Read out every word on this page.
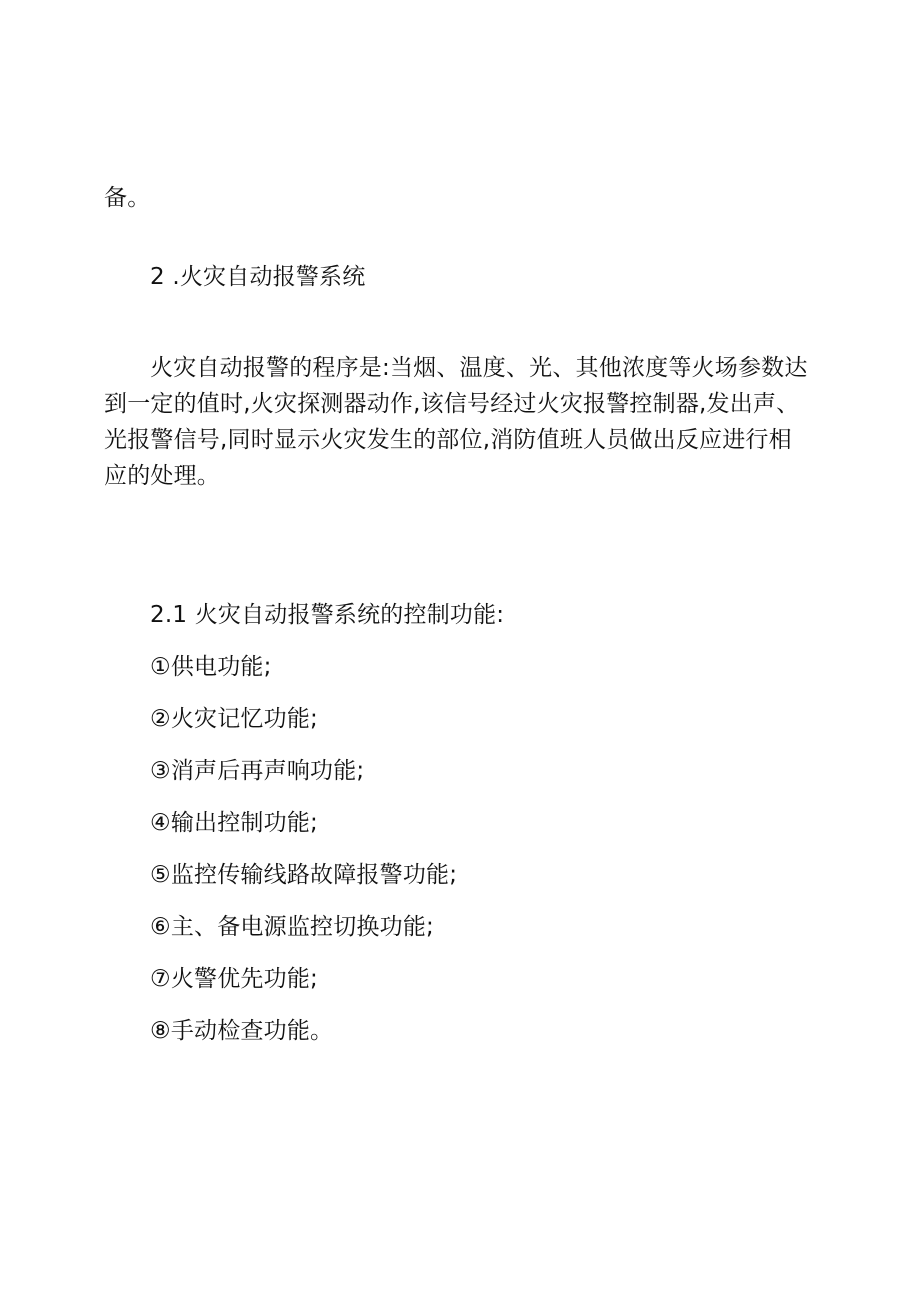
备。
2 .火灾自动报警系统
火灾自动报警的程序是:当烟、温度、光、其他浓度等火场参数达
到一定的值时,火灾探测器动作,该信号经过火灾报警控制器,发出声、
光报警信号,同时显示火灾发生的部位,消防值班人员做出反应进行相
应的处理。
2.1 火灾自动报警系统的控制功能:
①供电功能;
②火灾记忆功能;
③消声后再声响功能;
④输出控制功能;
⑤监控传输线路故障报警功能;
⑥主、备电源监控切换功能;
⑦火警优先功能;
⑧手动检查功能。
